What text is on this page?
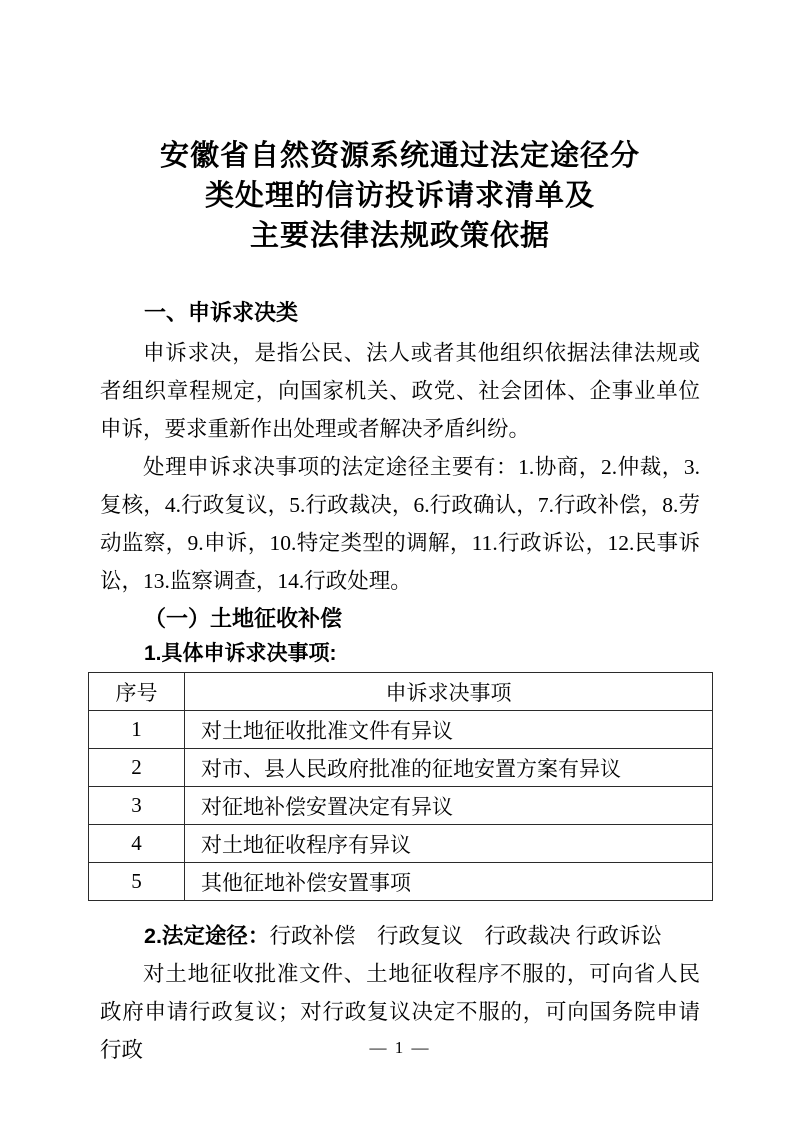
安徽省自然资源系统通过法定途径分
类处理的信访投诉请求清单及
主要法律法规政策依据
一、申诉求决类

申诉求决，是指公民、法人或者其他组织依据法律法规或者组织章程规定，向国家机关、政党、社会团体、企事业单位申诉，要求重新作出处理或者解决矛盾纠纷。

处理申诉求决事项的法定途径主要有：1.协商，2.仲裁，3.复核，4.行政复议，5.行政裁决，6.行政确认，7.行政补偿，8.劳动监察，9.申诉，10.特定类型的调解，11.行政诉讼，12.民事诉讼，13.监察调查，14.行政处理。

（一）土地征收补偿
1.具体申诉求决事项:
序号	申诉求决事项
1	对土地征收批准文件有异议
2	对市、县人民政府批准的征地安置方案有异议
3	对征地补偿安置决定有异议
4	对土地征收程序有异议
5	其他征地补偿安置事项

2.法定途径：行政补偿　行政复议　行政裁决 行政诉讼

对土地征收批准文件、土地征收程序不服的，可向省人民政府申请行政复议；对行政复议决定不服的，可向国务院申请行政	— 1 —
